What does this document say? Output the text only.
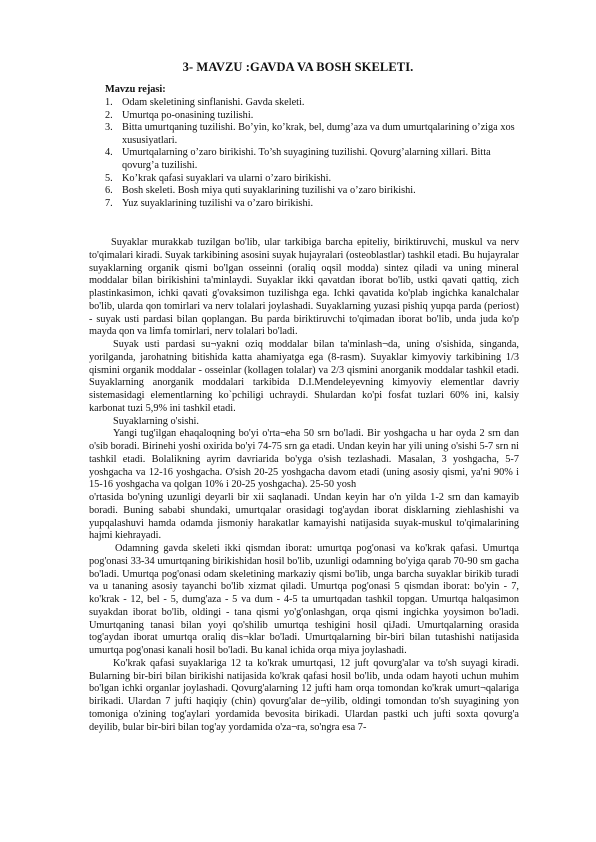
3- MAVZU :GAVDA VA BOSH SKELETI.
Mavzu rejasi:
1. Odam skeletining sinflanishi. Gavda skeleti.
2. Umurtqa po-onasining tuzilishi.
3. Bitta umurtqaning tuzilishi. Bo’yin, ko’krak, bel, dumg’aza va dum umurtqalarining o’ziga xos xususiyatlari.
4. Umurtqalarning o’zaro birikishi. To’sh suyagining tuzilishi. Qovurg’alarning xillari. Bitta qovurg’a tuzilishi.
5. Ko’krak qafasi suyaklari va ularni o’zaro birikishi.
6. Bosh skeleti. Bosh miya quti suyaklarining tuzilishi va o’zaro birikishi.
7. Yuz suyaklarining tuzilishi va o’zaro birikishi.

Suyaklar murakkab tuzilgan bo'lib, ular tarkibiga barcha epiteliy, biriktiruvchi, muskul va nerv to'qimalari kiradi. Suyak tarkibining asosini suyak hujayralari (osteoblastlar) tashkil etadi. Bu hujayralar suyaklarning organik qismi bo'lgan osseinni (oraliq oqsil modda) sintez qiladi va uning mineral moddalar bilan birikishini ta'minlaydi. Suyaklar ikki qavatdan iborat bo'lib, ustki qavati qattiq, zich plastinkasimon, ichki qavati g'ovaksimon tuzilishga ega. Ichki qavatida ko'plab ingichka kanalchalar bo'lib, ularda qon tomirlari va nerv tolalari joylashadi. Suyaklarning yuzasi pishiq yupqa parda (periost) - suyak usti pardasi bilan qoplangan. Bu parda biriktiruvchi to'qimadan iborat bo'lib, unda juda ko'p mayda qon va limfa tomirlari, nerv tolalari bo'ladi.

Suyak usti pardasi su¬yakni oziq moddalar bilan ta'minlash¬da, uning o'sishida, singanda, yorilganda, jarohatning bitishida katta ahamiyatga ega (8-rasm). Suyaklar kimyoviy tarkibining 1/3 qismini organik moddalar - osseinlar (kollagen tolalar) va 2/3 qismini anorganik moddalar tashkil etadi. Suyaklarning anorganik moddalari tarkibida D.I.Mendeleyevning kimyoviy elementlar davriy sistemasidagi elementlarning ko`pchiligi uchraydi. Shulardan ko'pi fosfat tuzlari 60% ini, kalsiy karbonat tuzi 5,9% ini tashkil etadi.

Suyaklarning o'sishi.

Yangi tug'ilgan ehaqaloqning bo'yi o'rta¬eha 50 srn bo'ladi. Bir yoshgacha u har oyda 2 srn dan o'sib boradi. Birinehi yoshi oxirida bo'yi 74-75 srn ga etadi. Undan keyin har yili uning o'sishi 5-7 srn ni tashkil etadi. Bolalikning ayrim davriarida bo'yga o'sish tezlashadi. Masalan, 3 yoshgacha, 5-7 yoshgacha va 12-16 yoshgacha. O'sish 20-25 yoshgacha davom etadi (uning asosiy qismi, ya'ni 90% i 15-16 yoshgacha va qolgan 10% i 20-25 yoshgacha). 25-50 yosh

o'rtasida bo'yning uzunligi deyarli bir xii saqlanadi. Undan keyin har o'n yilda 1-2 srn dan kamayib boradi. Buning sababi shundaki, umurtqalar orasidagi tog'aydan iborat disklarning ziehlashishi va yupqalashuvi hamda odamda jismoniy harakatlar kamayishi natijasida suyak-muskul to'qimalarining hajmi kiehrayadi.

Odamning gavda skeleti ikki qismdan iborat: umurtqa pog'onasi va ko'krak qafasi. Umurtqa pog'onasi 33-34 umurtqaning birikishidan hosil bo'lib, uzunligi odamning bo'yiga qarab 70-90 sm gacha bo'ladi. Umurtqa pog'onasi odam skeletining markaziy qismi bo'lib, unga barcha suyaklar birikib turadi va u tananing asosiy tayanchi bo'lib xizmat qiladi. Umurtqa pog'onasi 5 qismdan iborat: bo'yin - 7, ko'krak - 12, bel - 5, dumg'aza - 5 va dum - 4-5 ta umurtqadan tashkil topgan. Umurtqa halqasimon suyakdan iborat bo'lib, oldingi - tana qismi yo'g'onlashgan, orqa qismi ingichka yoysimon bo'ladi. Umurtqaning tanasi bilan yoyi qo'shilib umurtqa teshigini hosil qiJadi. Umurtqalarning orasida tog'aydan iborat umurtqa oraliq dis¬klar bo'ladi. Umurtqalarning bir-biri bilan tutashishi natijasida umurtqa pog'onasi kanali hosil bo'ladi. Bu kanal ichida orqa miya joylashadi.

Ko'krak qafasi suyaklariga 12 ta ko'krak umurtqasi, 12 juft qovurg'alar va to'sh suyagi kiradi. Bularning bir-biri bilan birikishi natijasida ko'krak qafasi hosil bo'lib, unda odam hayoti uchun muhim bo'lgan ichki organlar joylashadi. Qovurg'alarning 12 jufti ham orqa tomondan ko'krak umurt¬qalariga birikadi. Ulardan 7 jufti haqiqiy (chin) qovurg'alar de¬yilib, oldingi tomondan to'sh suyagining yon tomoniga o'zining tog'aylari yordamida bevosita birikadi. Ulardan pastki uch jufti soxta qovurg'a deyilib, bular bir-biri bilan tog'ay yordamida o'za¬ra, so'ngra esa 7-
